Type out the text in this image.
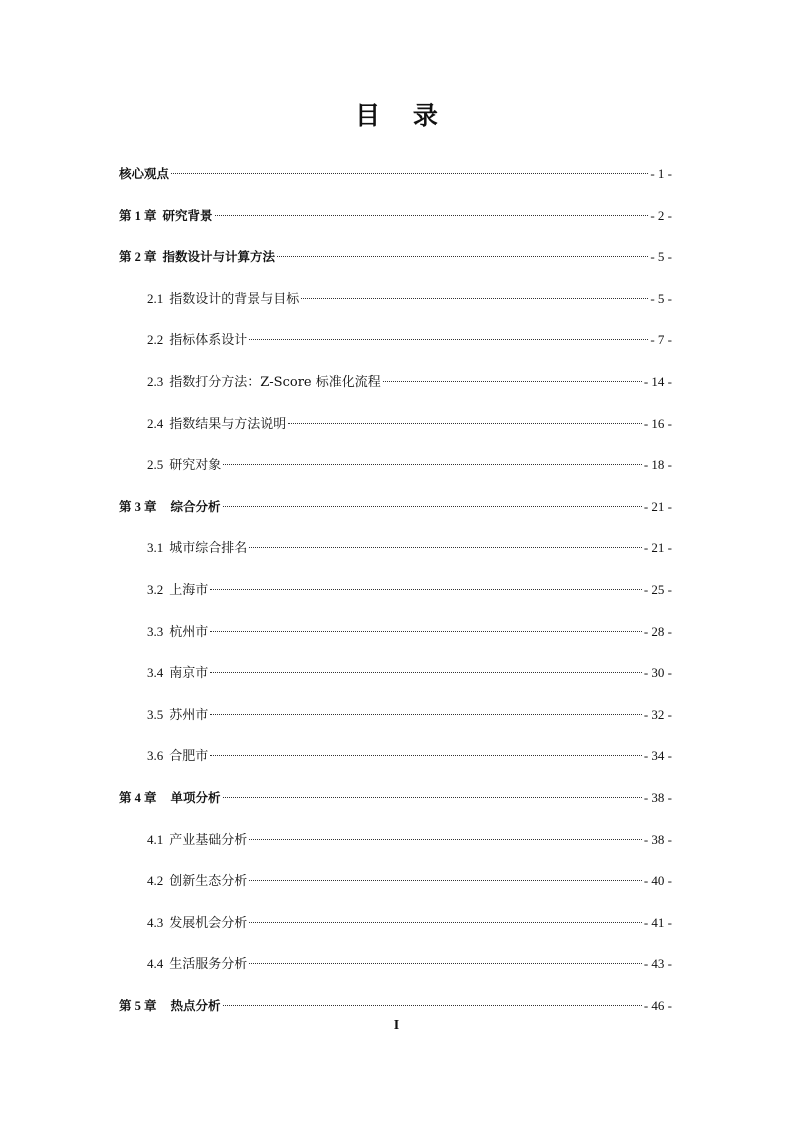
目 录
核心观点	- 1 -
第 1 章 研究背景	- 2 -
第 2 章 指数设计与计算方法	- 5 -
2.1 指数设计的背景与目标	- 5 -
2.2 指标体系设计	- 7 -
2.3 指数打分方法：Z-Score 标准化流程	- 14 -
2.4 指数结果与方法说明	- 16 -
2.5 研究对象	- 18 -
第 3 章 综合分析	- 21 -
3.1 城市综合排名	- 21 -
3.2 上海市	- 25 -
3.3 杭州市	- 28 -
3.4 南京市	- 30 -
3.5 苏州市	- 32 -
3.6 合肥市	- 34 -
第 4 章 单项分析	- 38 -
4.1 产业基础分析	- 38 -
4.2 创新生态分析	- 40 -
4.3 发展机会分析	- 41 -
4.4 生活服务分析	- 43 -
第 5 章 热点分析	- 46 -
I
